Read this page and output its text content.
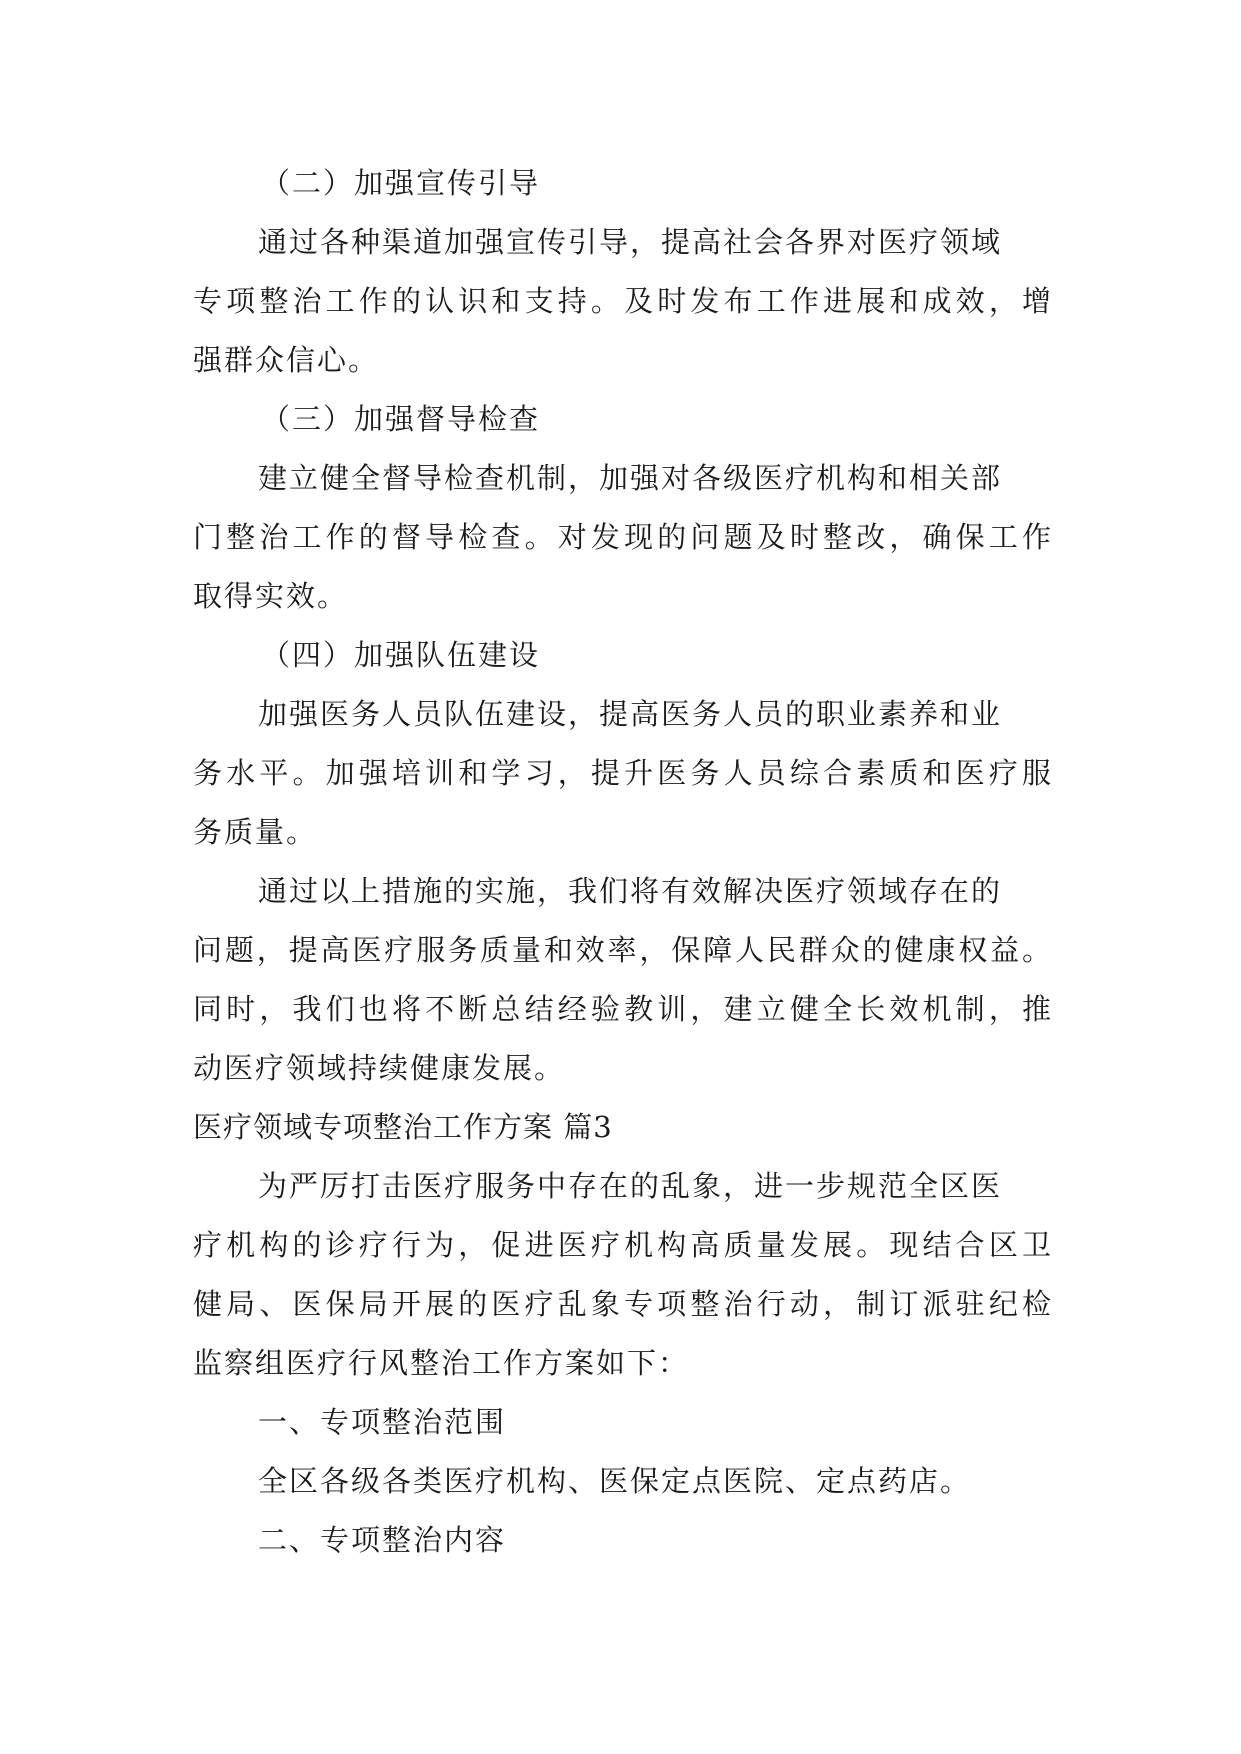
（二）加强宣传引导
通过各种渠道加强宣传引导，提高社会各界对医疗领域
专项整治工作的认识和支持。及时发布工作进展和成效，增
强群众信心。
（三）加强督导检查
建立健全督导检查机制，加强对各级医疗机构和相关部
门整治工作的督导检查。对发现的问题及时整改，确保工作
取得实效。
（四）加强队伍建设
加强医务人员队伍建设，提高医务人员的职业素养和业
务水平。加强培训和学习，提升医务人员综合素质和医疗服
务质量。
通过以上措施的实施，我们将有效解决医疗领域存在的
问题，提高医疗服务质量和效率，保障人民群众的健康权益。
同时，我们也将不断总结经验教训，建立健全长效机制，推
动医疗领域持续健康发展。
医疗领域专项整治工作方案 篇3
为严厉打击医疗服务中存在的乱象，进一步规范全区医
疗机构的诊疗行为，促进医疗机构高质量发展。现结合区卫
健局、医保局开展的医疗乱象专项整治行动，制订派驻纪检
监察组医疗行风整治工作方案如下：
一、专项整治范围
全区各级各类医疗机构、医保定点医院、定点药店。
二、专项整治内容
